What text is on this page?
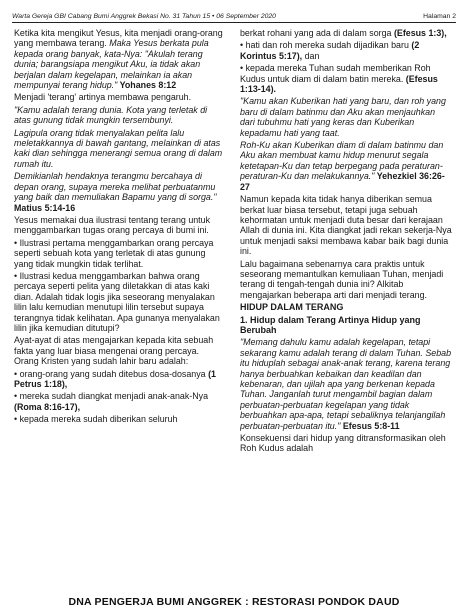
Warta Gereja GBI Cabang Bumi Anggrek Bekasi No. 31 Tahun 15 • 06 September 2020	Halaman 2
Ketika kita mengikut Yesus, kita menjadi orang-orang yang membawa terang. Maka Yesus berkata pula kepada orang banyak, kata-Nya: "Akulah terang dunia; barangsiapa mengikut Aku, ia tidak akan berjalan dalam kegelapan, melainkan ia akan mempunyai terang hidup." Yohanes 8:12
Menjadi 'terang' artinya membawa pengaruh.
"Kamu adalah terang dunia. Kota yang terletak di atas gunung tidak mungkin tersembunyi.
Lagipula orang tidak menyalakan pelita lalu meletakkannya di bawah gantang, melainkan di atas kaki dian sehingga menerangi semua orang di dalam rumah itu.
Demikianlah hendaknya terangmu bercahaya di depan orang, supaya mereka melihat perbuatanmu yang baik dan memuliakan Bapamu yang di sorga." Matius 5:14-16
Yesus memakai dua ilustrasi tentang terang untuk menggambarkan tugas orang percaya di bumi ini.
• Ilustrasi pertama menggambarkan orang percaya seperti sebuah kota yang terletak di atas gunung yang tidak mungkin tidak terlihat.
• Ilustrasi kedua menggambarkan bahwa orang percaya seperti pelita yang diletakkan di atas kaki dian. Adalah tidak logis jika seseorang menyalakan lilin lalu kemudian menutupi lilin tersebut supaya terangnya tidak kelihatan. Apa gunanya menyalakan lilin jika kemudian ditutupi?
Ayat-ayat di atas mengajarkan kepada kita sebuah fakta yang luar biasa mengenai orang percaya. Orang Kristen yang sudah lahir baru adalah:
• orang-orang yang sudah ditebus dosa-dosanya (1 Petrus 1:18),
• mereka sudah diangkat menjadi anak-anak-Nya (Roma 8:16-17),
• kepada mereka sudah diberikan seluruh
berkat rohani yang ada di dalam sorga (Efesus 1:3),
• hati dan roh mereka sudah dijadikan baru (2 Korintus 5:17), dan
• kepada mereka Tuhan sudah memberikan Roh Kudus untuk diam di dalam batin mereka. (Efesus 1:13-14).
"Kamu akan Kuberikan hati yang baru, dan roh yang baru di dalam batinmu dan Aku akan menjauhkan dari tubuhmu hati yang keras dan Kuberikan kepadamu hati yang taat.
Roh-Ku akan Kuberikan diam di dalam batinmu dan Aku akan membuat kamu hidup menurut segala ketetapan-Ku dan tetap berpegang pada peraturan-peraturan-Ku dan melakukannya." Yehezkiel 36:26-27
Namun kepada kita tidak hanya diberikan semua berkat luar biasa tersebut, tetapi juga sebuah kehormatan untuk menjadi duta besar dari kerajaan Allah di dunia ini. Kita diangkat jadi rekan sekerja-Nya untuk menjadi saksi membawa kabar baik bagi dunia ini.
Lalu bagaimana sebenarnya cara praktis untuk seseorang memantulkan kemuliaan Tuhan, menjadi terang di tengah-tengah dunia ini? Alkitab mengajarkan beberapa arti dari menjadi terang.
HIDUP DALAM TERANG
1. Hidup dalam Terang Artinya Hidup yang Berubah
"Memang dahulu kamu adalah kegelapan, tetapi sekarang kamu adalah terang di dalam Tuhan. Sebab itu hiduplah sebagai anak-anak terang, karena terang hanya berbuahkan kebaikan dan keadilan dan kebenaran, dan ujilah apa yang berkenan kepada Tuhan. Janganlah turut mengambil bagian dalam perbuatan-perbuatan kegelapan yang tidak berbuahkan apa-apa, tetapi sebaliknya telanjangilah perbuatan-perbuatan itu." Efesus 5:8-11
Konsekuensi dari hidup yang ditransformasikan oleh Roh Kudus adalah
DNA PENGERJA BUMI ANGGREK : RESTORASI PONDOK DAUD
